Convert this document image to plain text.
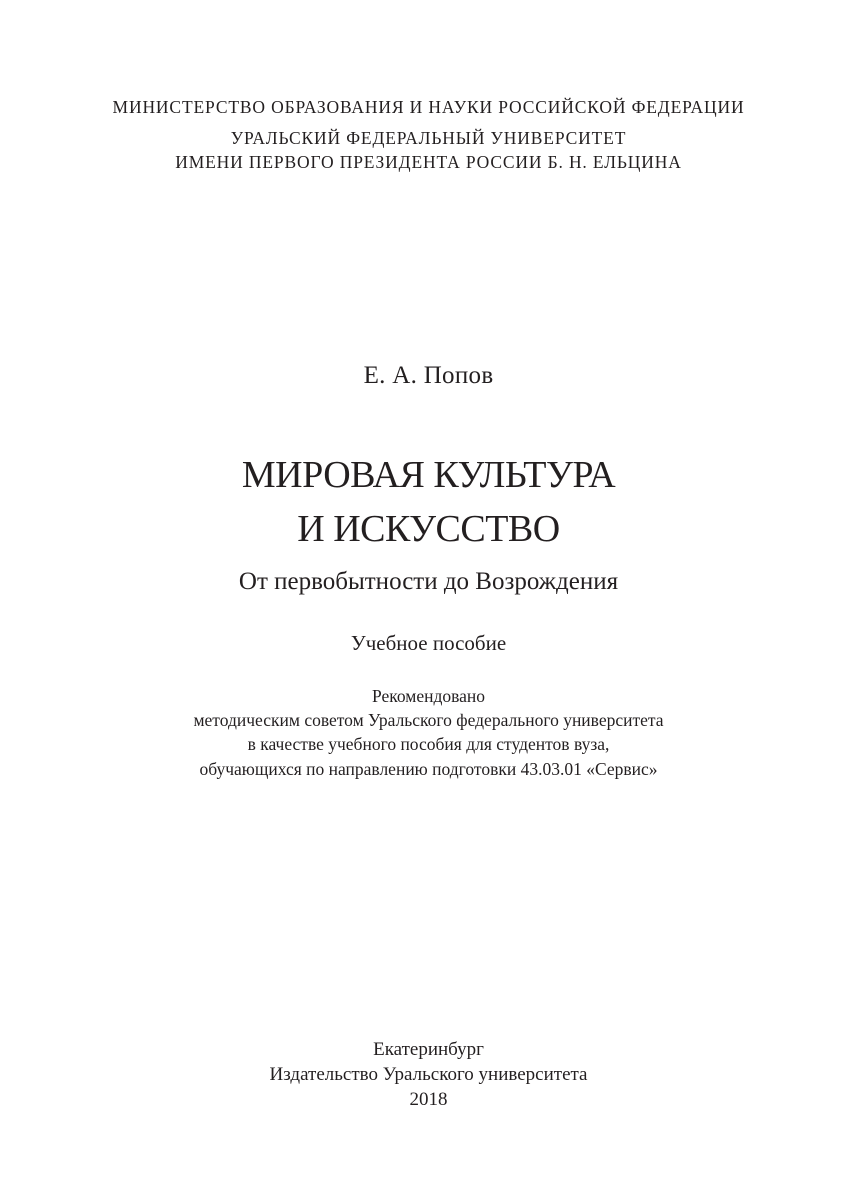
МИНИСТЕРСТВО ОБРАЗОВАНИЯ И НАУКИ РОССИЙСКОЙ ФЕДЕРАЦИИ
УРАЛЬСКИЙ ФЕДЕРАЛЬНЫЙ УНИВЕРСИТЕТ
ИМЕНИ ПЕРВОГО ПРЕЗИДЕНТА РОССИИ Б. Н. ЕЛЬЦИНА
Е. А. Попов
МИРОВАЯ КУЛЬТУРА
И ИСКУССТВО
От первобытности до Возрождения
Учебное пособие
Рекомендовано
методическим советом Уральского федерального университета
в качестве учебного пособия для студентов вуза,
обучающихся по направлению подготовки 43.03.01 «Сервис»
Екатеринбург
Издательство Уральского университета
2018
